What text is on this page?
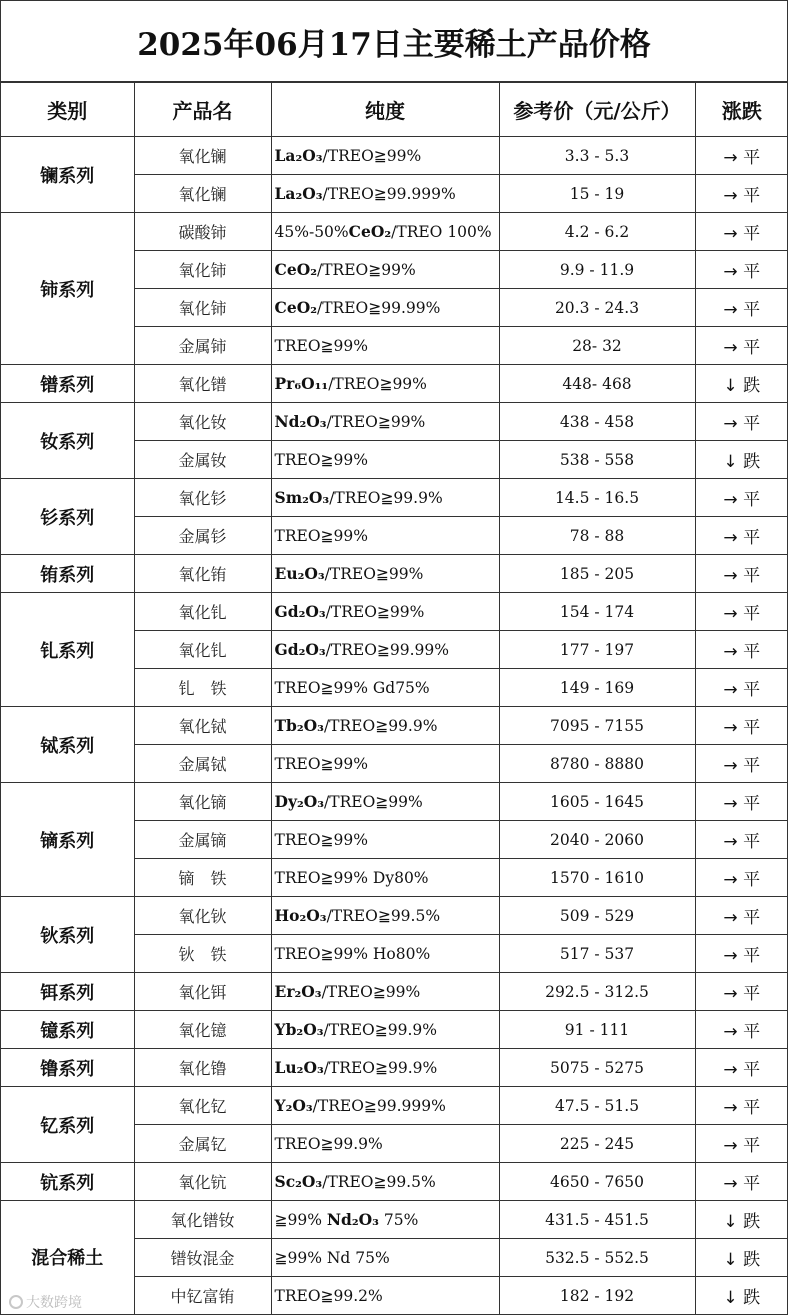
2025年06月17日主要稀土产品价格
类别	产品名	纯度	参考价（元/公斤）	涨跌
镧系列	氧化镧	La₂O₃/TREO≧99%	3.3 - 5.3	→ 平
	氧化镧	La₂O₃/TREO≧99.999%	15 - 19	→ 平
铈系列	碳酸铈	45%-50%CeO₂/TREO 100%	4.2 - 6.2	→ 平
	氧化铈	CeO₂/TREO≧99%	9.9 - 11.9	→ 平
	氧化铈	CeO₂/TREO≧99.99%	20.3 - 24.3	→ 平
	金属铈	TREO≧99%	28- 32	→ 平
镨系列	氧化镨	Pr₆O₁₁/TREO≧99%	448- 468	↓ 跌
钕系列	氧化钕	Nd₂O₃/TREO≧99%	438 - 458	→ 平
	金属钕	TREO≧99%	538 - 558	↓ 跌
钐系列	氧化钐	Sm₂O₃/TREO≧99.9%	14.5 - 16.5	→ 平
	金属钐	TREO≧99%	78 - 88	→ 平
铕系列	氧化铕	Eu₂O₃/TREO≧99%	185 - 205	→ 平
钆系列	氧化钆	Gd₂O₃/TREO≧99%	154 - 174	→ 平
	氧化钆	Gd₂O₃/TREO≧99.99%	177 - 197	→ 平
	钆　铁	TREO≧99% Gd75%	149 - 169	→ 平
铽系列	氧化铽	Tb₂O₃/TREO≧99.9%	7095 - 7155	→ 平
	金属铽	TREO≧99%	8780 - 8880	→ 平
镝系列	氧化镝	Dy₂O₃/TREO≧99%	1605 - 1645	→ 平
	金属镝	TREO≧99%	2040 - 2060	→ 平
	镝　铁	TREO≧99% Dy80%	1570 - 1610	→ 平
钬系列	氧化钬	Ho₂O₃/TREO≧99.5%	509 - 529	→ 平
	钬　铁	TREO≧99% Ho80%	517 - 537	→ 平
铒系列	氧化铒	Er₂O₃/TREO≧99%	292.5 - 312.5	→ 平
镱系列	氧化镱	Yb₂O₃/TREO≧99.9%	91 - 111	→ 平
镥系列	氧化镥	Lu₂O₃/TREO≧99.9%	5075 - 5275	→ 平
钇系列	氧化钇	Y₂O₃/TREO≧99.999%	47.5 - 51.5	→ 平
	金属钇	TREO≧99.9%	225 - 245	→ 平
钪系列	氧化钪	Sc₂O₃/TREO≧99.5%	4650 - 7650	→ 平
混合稀土	氧化镨钕	≧99% Nd₂O₃ 75%	431.5 - 451.5	↓ 跌
	镨钕混金	≧99% Nd 75%	532.5 - 552.5	↓ 跌
	中钇富铕	TREO≧99.2%	182 - 192	↓ 跌
大数跨境
